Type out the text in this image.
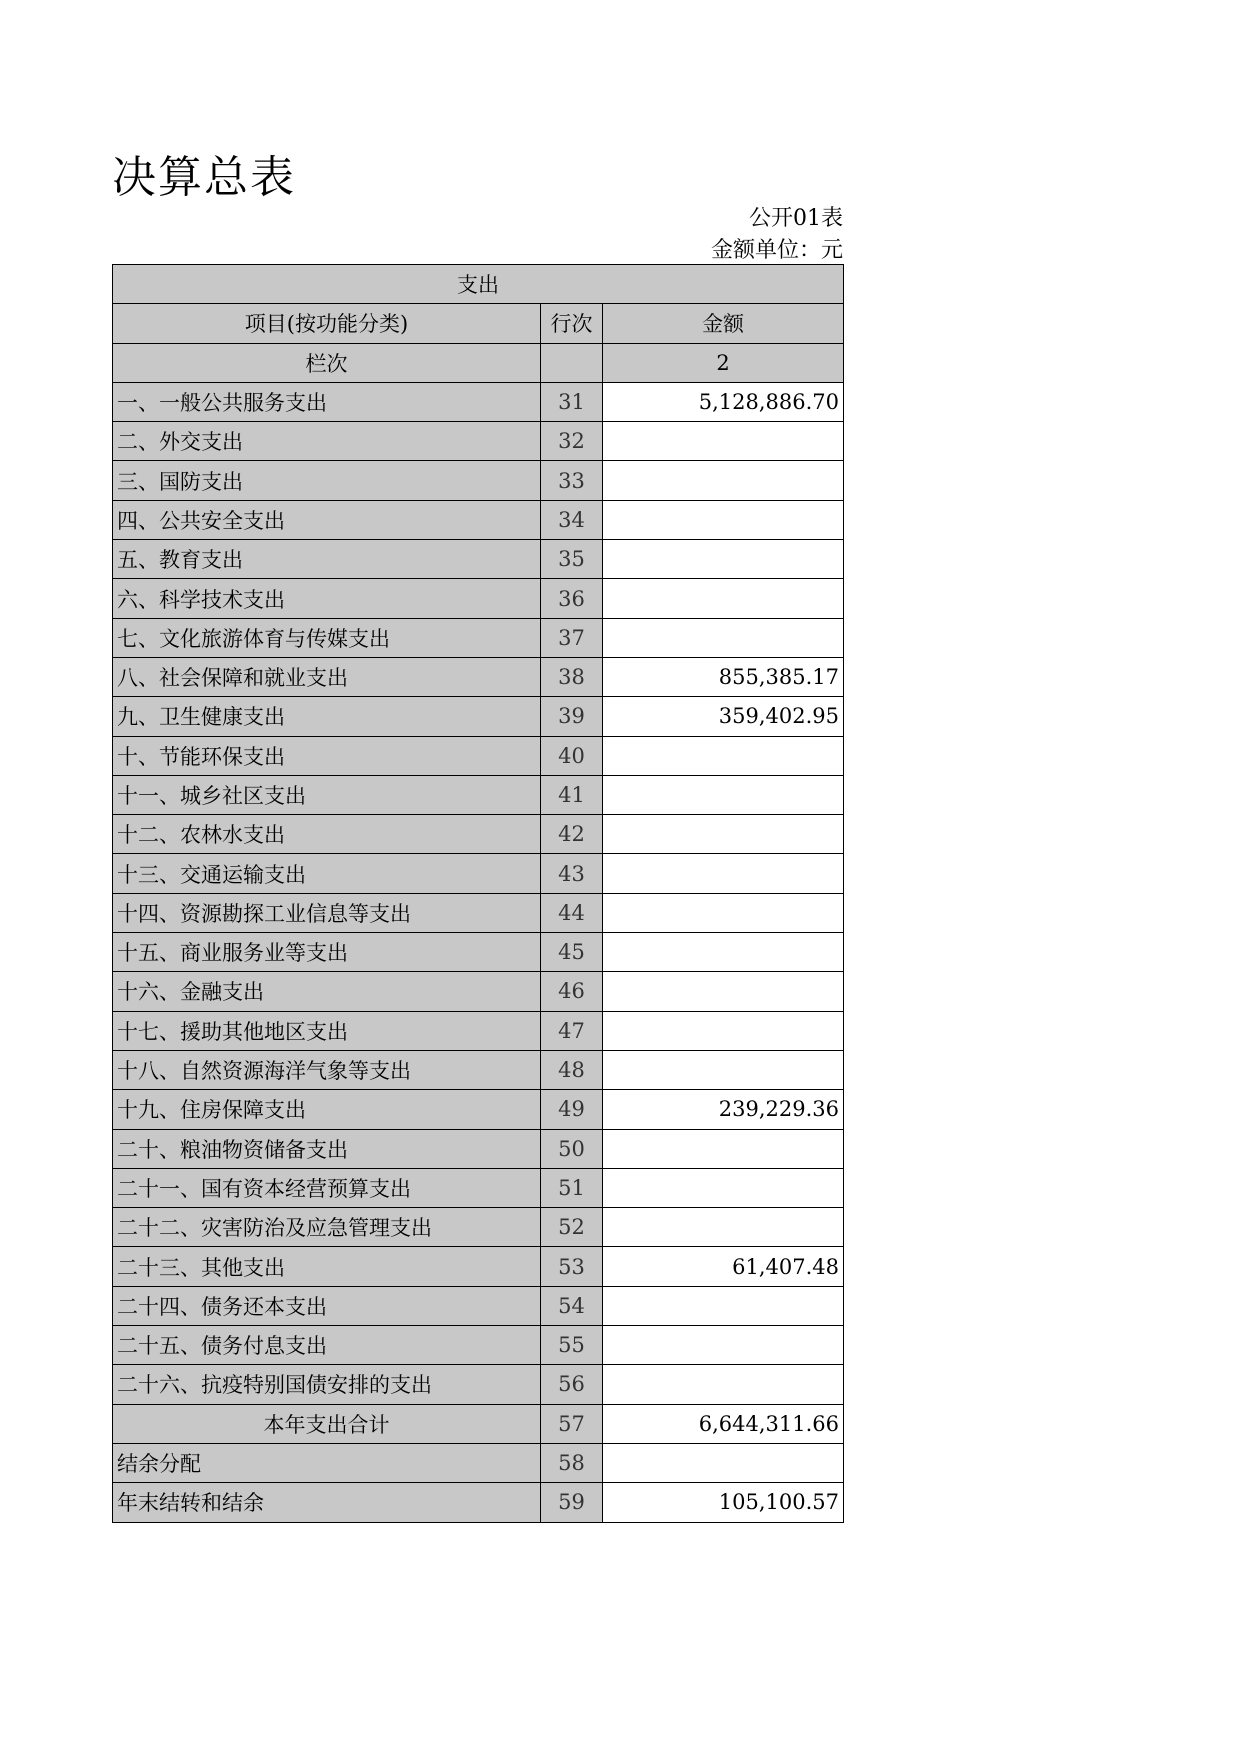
决算总表
公开01表
金额单位：元
支出		
项目(按功能分类)	行次	金额
栏次		2
一、一般公共服务支出	31	5,128,886.70
二、外交支出	32	
三、国防支出	33	
四、公共安全支出	34	
五、教育支出	35	
六、科学技术支出	36	
七、文化旅游体育与传媒支出	37	
八、社会保障和就业支出	38	855,385.17
九、卫生健康支出	39	359,402.95
十、节能环保支出	40	
十一、城乡社区支出	41	
十二、农林水支出	42	
十三、交通运输支出	43	
十四、资源勘探工业信息等支出	44	
十五、商业服务业等支出	45	
十六、金融支出	46	
十七、援助其他地区支出	47	
十八、自然资源海洋气象等支出	48	
十九、住房保障支出	49	239,229.36
二十、粮油物资储备支出	50	
二十一、国有资本经营预算支出	51	
二十二、灾害防治及应急管理支出	52	
二十三、其他支出	53	61,407.48
二十四、债务还本支出	54	
二十五、债务付息支出	55	
二十六、抗疫特别国债安排的支出	56	
本年支出合计	57	6,644,311.66
结余分配	58	
年末结转和结余	59	105,100.57
